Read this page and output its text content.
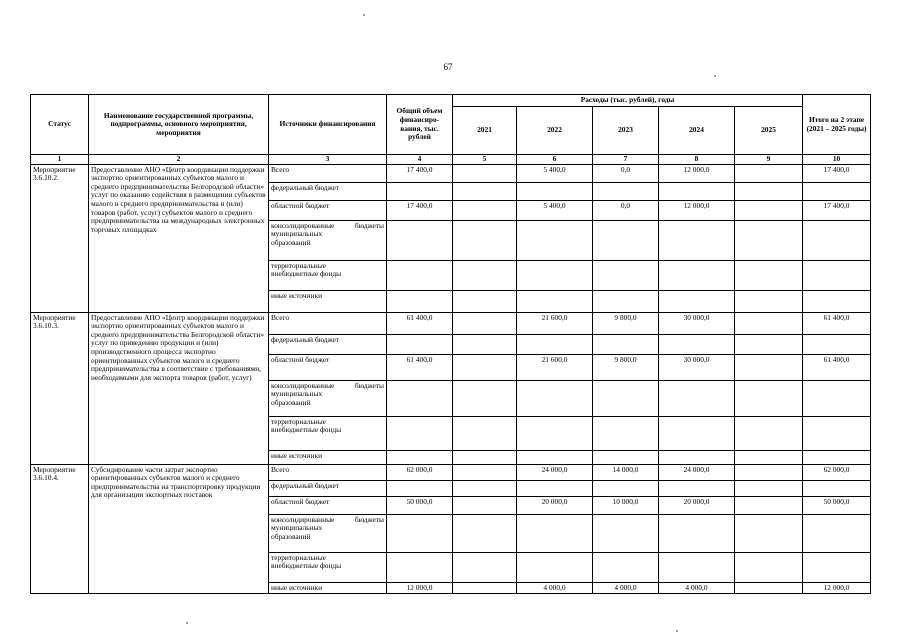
67
Статус	Наименование государственной программы, подпрограммы, основного мероприятия, мероприятия	Источники финансирования	Общий объем финансиро-вания, тыс. рублей	Расходы (тыс. рублей), годы					Итого на 2 этапе (2021 – 2025 годы)
				2021	2022	2023	2024	2025	
1	2	3	4	5	6	7	8	9	10
Мероприятие 3.6.10.2.	Предоставление АНО «Центр координации поддержки экспортно ориентированных субъектов малого и среднего предпринимательства Белгородской области» услуг по оказанию содействия в размещении субъектов малого и среднего предпринимательства и (или) товаров (работ, услуг) субъектов малого и среднего предпринимательства на международных электронных торговых площадках	Всего	17 400,0		5 400,0	0,0	12 000,0		17 400,0
		федеральный бюджет							
		областной бюджет	17 400,0		5 400,0	0,0	12 000,0		17 400,0
		консолидированные бюджеты муниципальных
образований							

		территориальные
внебюджетные фонды							
		иные источники							
Мероприятие 3.6.10.3.	Предоставление АНО «Центр координации поддержки экспортно ориентированных субъектов малого и среднего предпринимательства Белгородской области» услуг по приведению продукции и (или) производственного процесса экспортно ориентированных субъектов малого и среднего предпринимательства в соответствие с требованиями, необходимыми для экспорта товаров (работ, услуг)	Всего	61 400,0		21 600,0	9 800,0	30 000,0		61 400,0
		федеральный бюджет							
		областной бюджет	61 400,0		21 600,0	9 800,0	30 000,0		61 400,0
		консолидированные бюджеты муниципальных
образований							

		территориальные
внебюджетные фонды							
		иные источники							
Мероприятие 3.6.10.4.	Субсидирование части затрат экспортно ориентированных субъектов малого и среднего предпринимательства на транспортировку продукции для организации экспортных поставок	Всего	62 000,0		24 000,0	14 000,0	24 000,0		62 000,0
		федеральный бюджет							
		областной бюджет	50 000,0		20 000,0	10 000,0	20 000,0		50 000,0
		консолидированные бюджеты муниципальных
образований							

		территориальные
внебюджетные фонды							
		иные источники	12 000,0		4 000,0	4 000,0	4 000,0		12 000,0
